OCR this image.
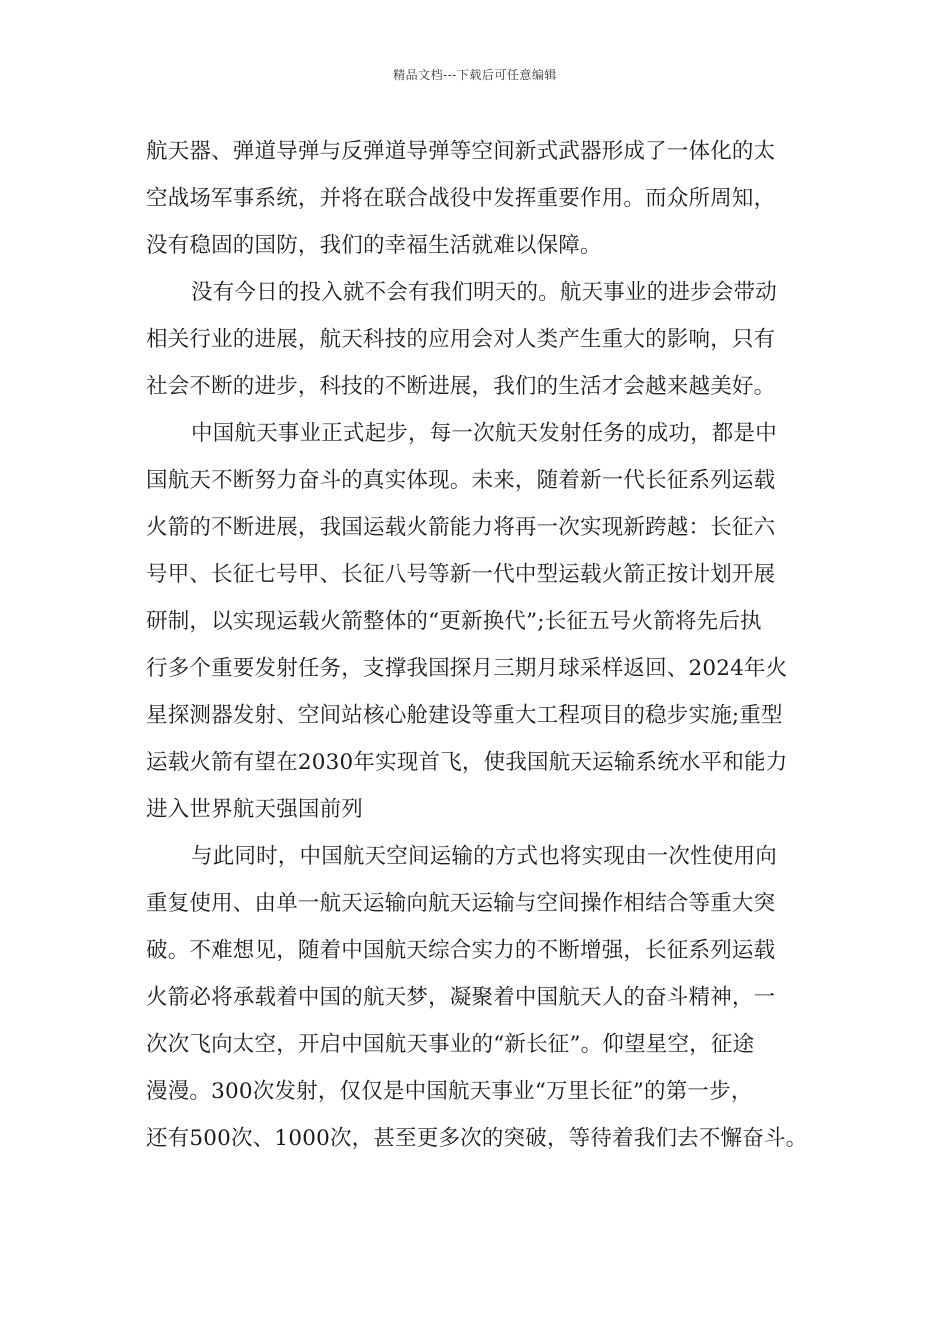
精品文档---下载后可任意编辑
航天器、弹道导弹与反弹道导弹等空间新式武器形成了一体化的太
空战场军事系统，并将在联合战役中发挥重要作用。而众所周知，
没有稳固的国防，我们的幸福生活就难以保障。
没有今日的投入就不会有我们明天的。航天事业的进步会带动
相关行业的进展，航天科技的应用会对人类产生重大的影响，只有
社会不断的进步，科技的不断进展，我们的生活才会越来越美好。
中国航天事业正式起步，每一次航天发射任务的成功，都是中
国航天不断努力奋斗的真实体现。未来，随着新一代长征系列运载
火箭的不断进展，我国运载火箭能力将再一次实现新跨越：长征六
号甲、长征七号甲、长征八号等新一代中型运载火箭正按计划开展
研制，以实现运载火箭整体的“更新换代”;长征五号火箭将先后执
行多个重要发射任务，支撑我国探月三期月球采样返回、2024年火
星探测器发射、空间站核心舱建设等重大工程项目的稳步实施;重型
运载火箭有望在2030年实现首飞，使我国航天运输系统水平和能力
进入世界航天强国前列
与此同时，中国航天空间运输的方式也将实现由一次性使用向
重复使用、由单一航天运输向航天运输与空间操作相结合等重大突
破。不难想见，随着中国航天综合实力的不断增强，长征系列运载
火箭必将承载着中国的航天梦，凝聚着中国航天人的奋斗精神，一
次次飞向太空，开启中国航天事业的“新长征”。仰望星空，征途
漫漫。300次发射，仅仅是中国航天事业“万里长征”的第一步，
还有500次、1000次，甚至更多次的突破，等待着我们去不懈奋斗。
